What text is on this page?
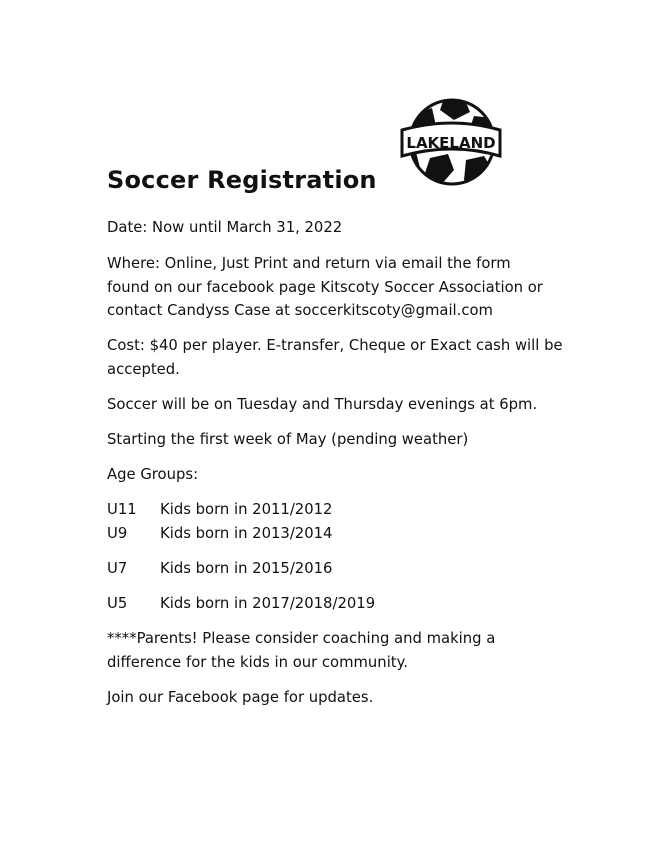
LAKELAND
Soccer Registration
Date: Now until March 31, 2022
Where: Online, Just Print and return via email the form
found on our facebook page Kitscoty Soccer Association or
contact Candyss Case at soccerkitscoty@gmail.com
Cost: $40 per player. E-transfer, Cheque or Exact cash will be
accepted.
Soccer will be on Tuesday and Thursday evenings at 6pm.
Starting the first week of May (pending weather)
Age Groups:
U11 Kids born in 2011/2012
U9 Kids born in 2013/2014
U7 Kids born in 2015/2016
U5 Kids born in 2017/2018/2019
****Parents! Please consider coaching and making a
difference for the kids in our community.
Join our Facebook page for updates.
